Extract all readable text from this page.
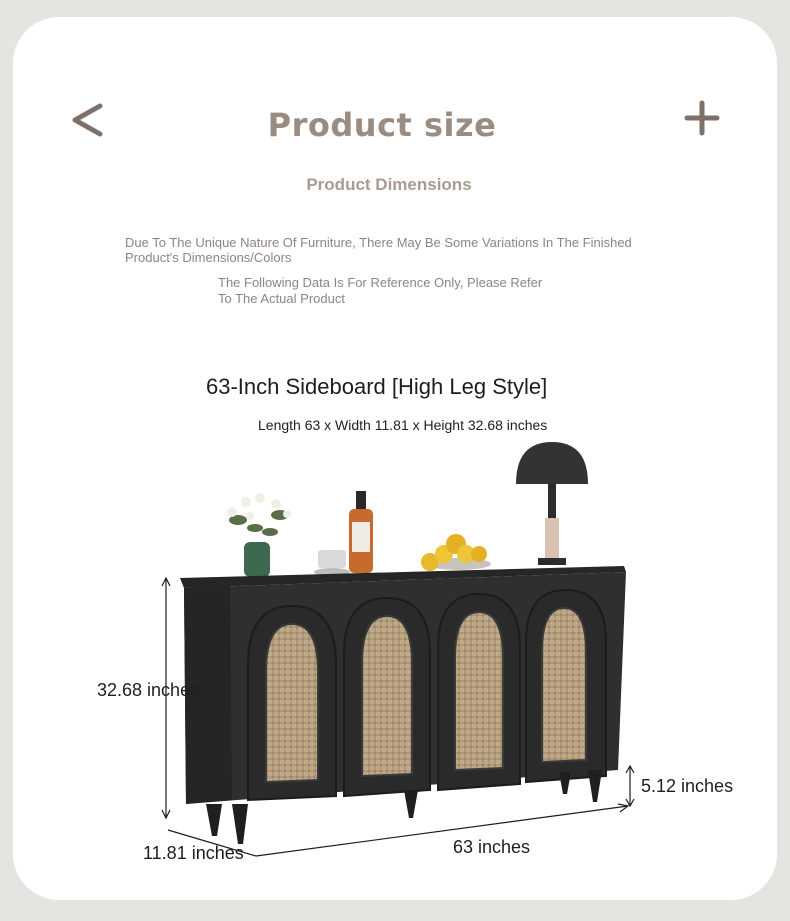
Product size
Product Dimensions
Due To The Unique Nature Of Furniture, There May Be Some Variations In The Finished Product's Dimensions/Colors
The Following Data Is For Reference Only, Please Refer To The Actual Product
63-Inch Sideboard [High Leg Style]
Length 63 x Width 11.81 x Height 32.68 inches
32.68 inches
5.12 inches
11.81 inches	63 inches
